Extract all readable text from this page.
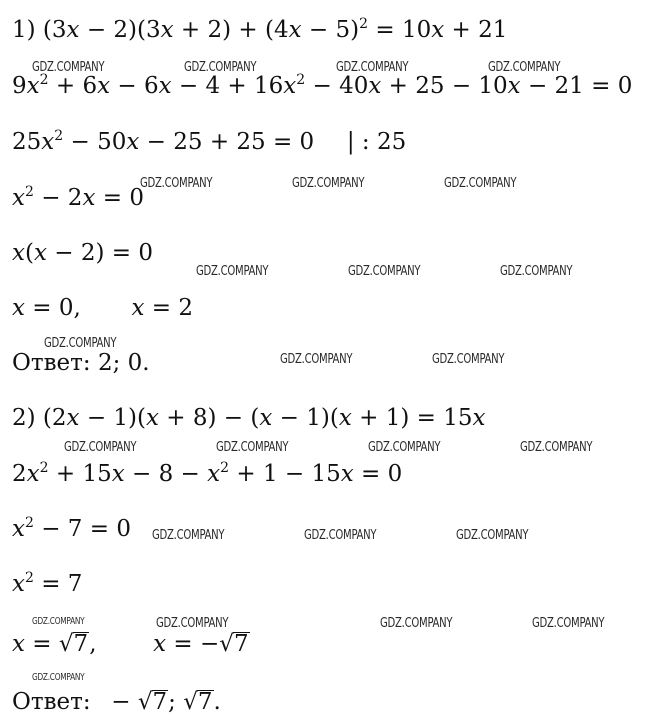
1) $(3x - 2)(3x + 2) + (4x - 5)^2 = 10x + 21$
$9x^2 + 6x - 6x - 4 + 16x^2 - 40x + 25 - 10x - 21 = 0$
$25x^2 - 50x - 25 + 25 = 0$ | : 25
$x^2 - 2x = 0$
x(x − 2) = 0
x = 0, x = 2
Ответ: 2; 0.
2) (2x − 1)(x + 8) − (x − 1)(x + 1) = 15x
$2x^2 + 15x - 8 - x^2 + 1 - 15x = 0$
$x^2 - 7 = 0$
$x^2 = 7$
x = √7, x = −√7
Ответ: − √7; √7.
GDZ.COMPANY	GDZ.COMPANY	GDZ.COMPANY	GDZ.COMPANY
GDZ.COMPANY	GDZ.COMPANY	GDZ.COMPANY
GDZ.COMPANY	GDZ.COMPANY	GDZ.COMPANY
GDZ.COMPANY
GDZ.COMPANY	GDZ.COMPANY
GDZ.COMPANY	GDZ.COMPANY	GDZ.COMPANY	GDZ.COMPANY
GDZ.COMPANY	GDZ.COMPANY	GDZ.COMPANY
GDZ.COMPANY	GDZ.COMPANY	GDZ.COMPANY	GDZ.COMPANY
GDZ.COMPANY
